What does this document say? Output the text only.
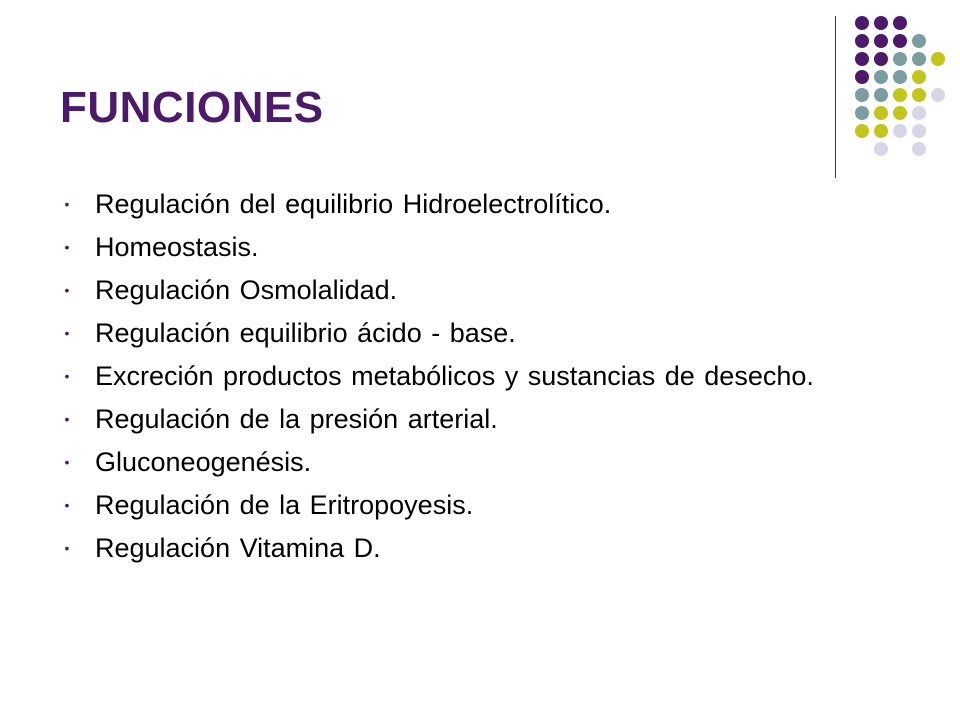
FUNCIONES
• Regulación del equilibrio Hidroelectrolítico.
• Homeostasis.
• Regulación Osmolalidad.
• Regulación equilibrio ácido - base.
• Excreción productos metabólicos y sustancias de desecho.
• Regulación de la presión arterial.
• Gluconeogenésis.
• Regulación de la Eritropoyesis.
• Regulación Vitamina D.
